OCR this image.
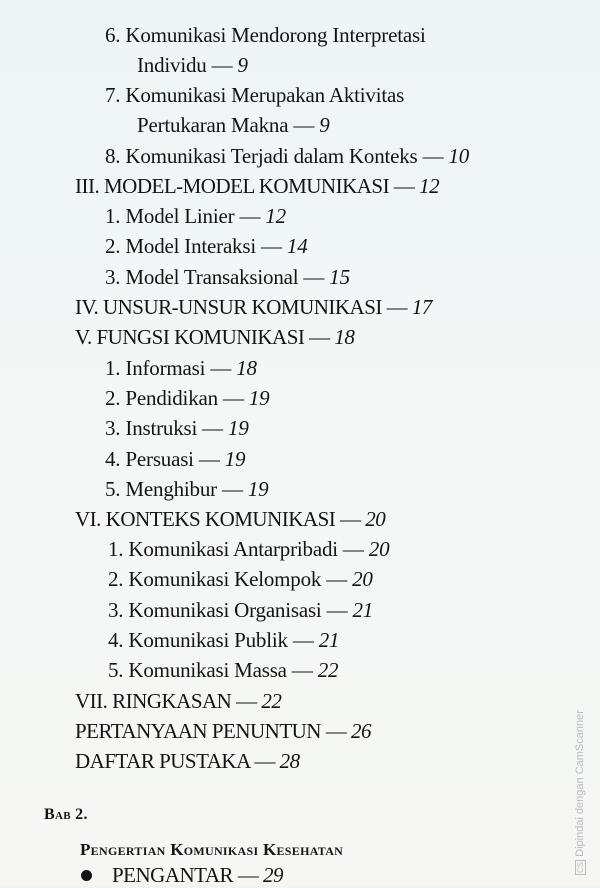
6. Komunikasi Mendorong Interpretasi
Individu — 9
7. Komunikasi Merupakan Aktivitas
Pertukaran Makna — 9
8. Komunikasi Terjadi dalam Konteks — 10
III. MODEL-MODEL KOMUNIKASI — 12
1. Model Linier — 12
2. Model Interaksi — 14
3. Model Transaksional — 15
IV. UNSUR-UNSUR KOMUNIKASI — 17
V. FUNGSI KOMUNIKASI — 18
1. Informasi — 18
2. Pendidikan — 19
3. Instruksi — 19
4. Persuasi — 19
5. Menghibur — 19
VI. KONTEKS KOMUNIKASI — 20
1. Komunikasi Antarpribadi — 20
2. Komunikasi Kelompok — 20
3. Komunikasi Organisasi — 21
4. Komunikasi Publik — 21
5. Komunikasi Massa — 22
VII. RINGKASAN — 22
PERTANYAAN PENUNTUN — 26
DAFTAR PUSTAKA — 28
Bab 2.
Pengertian Komunikasi Kesehatan
PENGANTAR — 29	CSDipindai dengan CamScanner
